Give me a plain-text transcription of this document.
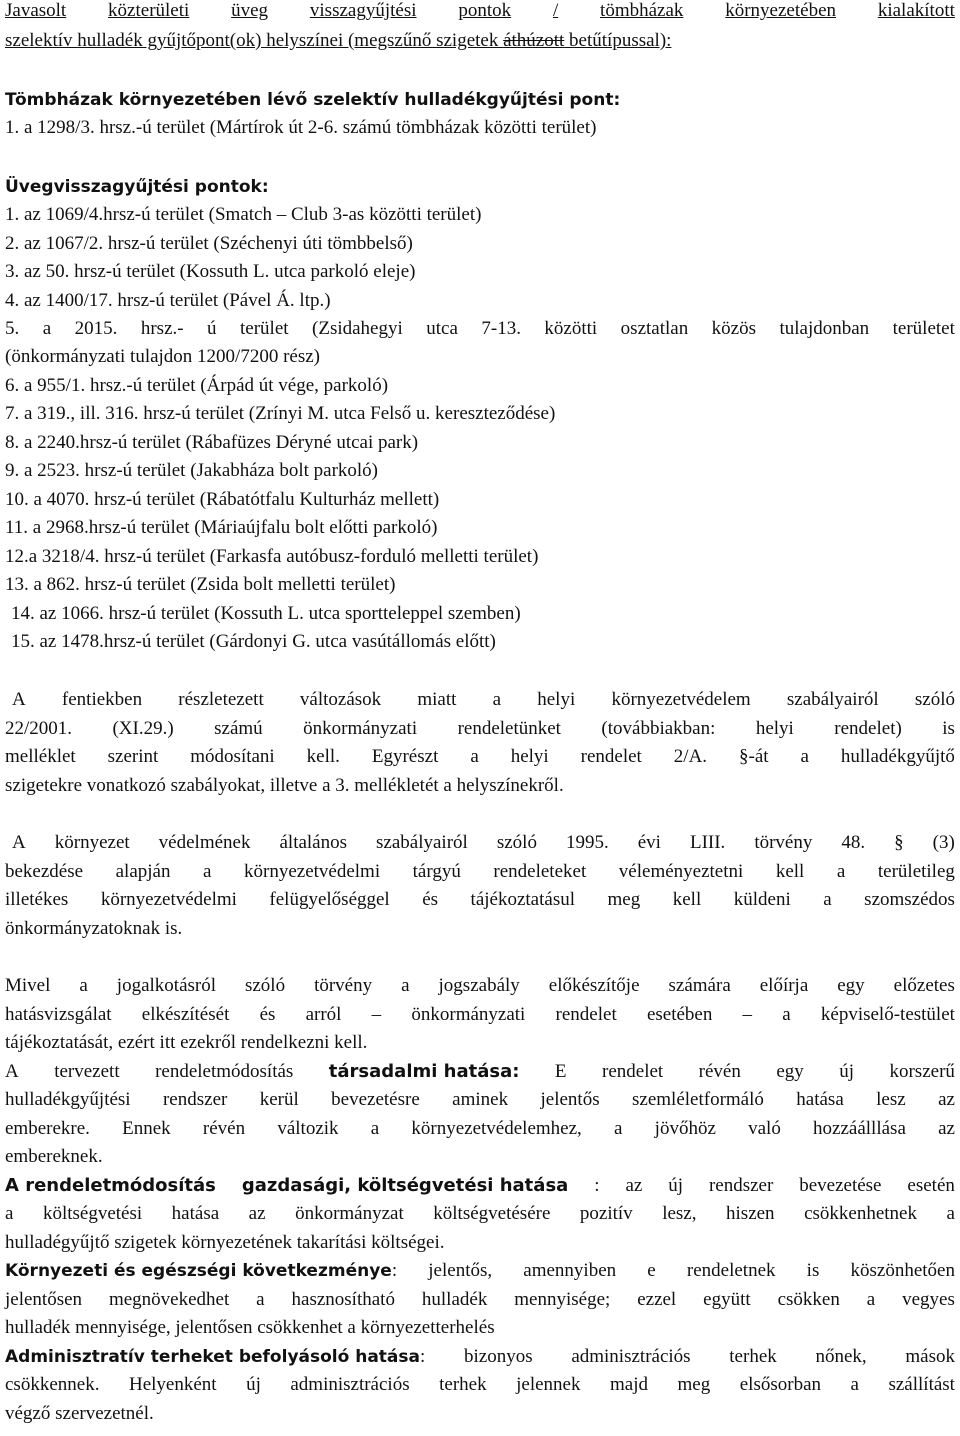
Javasolt közterületi üveg visszagyűjtési pontok / tömbházak környezetében kialakított
szelektív hulladék gyűjtőpont(ok) helyszínei (megszűnő szigetek áthúzott betűtípussal):
Tömbházak környezetében lévő szelektív hulladékgyűjtési pont:
1. a 1298/3. hrsz.-ú terület (Mártírok út 2-6. számú tömbházak közötti terület)
Üvegvisszagyűjtési pontok:
1. az 1069/4.hrsz-ú terület (Smatch – Club 3-as közötti terület)
2. az 1067/2. hrsz-ú terület (Széchenyi úti tömbbelső)
3. az 50. hrsz-ú terület (Kossuth L. utca parkoló eleje)
4. az 1400/17. hrsz-ú terület (Pável Á. ltp.)
5. a 2015. hrsz.- ú terület (Zsidahegyi utca 7-13. közötti osztatlan közös tulajdonban területet
(önkormányzati tulajdon 1200/7200 rész)
6. a 955/1. hrsz.-ú terület (Árpád út vége, parkoló)
7. a 319., ill. 316. hrsz-ú terület (Zrínyi M. utca Felső u. kereszteződése)
8. a 2240.hrsz-ú terület (Rábafüzes Déryné utcai park)
9. a 2523. hrsz-ú terület (Jakabháza bolt parkoló)
10. a 4070. hrsz-ú terület (Rábatótfalu Kulturház mellett)
11. a 2968.hrsz-ú terület (Máriaújfalu bolt előtti parkoló)
12.a 3218/4. hrsz-ú terület (Farkasfa autóbusz-forduló melletti terület)
13. a 862. hrsz-ú terület (Zsida bolt melletti terület)
14. az 1066. hrsz-ú terület (Kossuth L. utca sportteleppel szemben)
15. az 1478.hrsz-ú terület (Gárdonyi G. utca vasútállomás előtt)
A fentiekben részletezett változások miatt a helyi környezetvédelem szabályairól szóló
22/2001. (XI.29.) számú önkormányzati rendeletünket (továbbiakban: helyi rendelet) is
melléklet szerint módosítani kell. Egyrészt a helyi rendelet 2/A. §-át a hulladékgyűjtő
szigetekre vonatkozó szabályokat, illetve a 3. mellékletét a helyszínekről.
A környezet védelmének általános szabályairól szóló 1995. évi LIII. törvény 48. § (3)
bekezdése alapján a környezetvédelmi tárgyú rendeleteket véleményeztetni kell a területileg
illetékes környezetvédelmi felügyelőséggel és tájékoztatásul meg kell küldeni a szomszédos
önkormányzatoknak is.
Mivel a jogalkotásról szóló törvény a jogszabály előkészítője számára előírja egy előzetes
hatásvizsgálat elkészítését és arról – önkormányzati rendelet esetében – a képviselő-testület
tájékoztatását, ezért itt ezekről rendelkezni kell.
A tervezett rendeletmódosítás társadalmi hatása: E rendelet révén egy új korszerű
hulladékgyűjtési rendszer kerül bevezetésre aminek jelentős szemléletformáló hatása lesz az
emberekre. Ennek révén változik a környezetvédelemhez, a jövőhöz való hozzáálllása az
embereknek.
A rendeletmódosítás gazdasági, költségvetési hatása : az új rendszer bevezetése esetén
a költségvetési hatása az önkormányzat költségvetésére pozitív lesz, hiszen csökkenhetnek a
hulladégyűjtő szigetek környezetének takarítási költségei.
Környezeti és egészségi következménye: jelentős, amennyiben e rendeletnek is köszönhetően
jelentősen megnövekedhet a hasznosítható hulladék mennyisége; ezzel együtt csökken a vegyes
hulladék mennyisége, jelentősen csökkenhet a környezetterhelés
Adminisztratív terheket befolyásoló hatása: bizonyos adminisztrációs terhek nőnek, mások
csökkennek. Helyenként új adminisztrációs terhek jelennek majd meg elsősorban a szállítást
végző szervezetnél.
